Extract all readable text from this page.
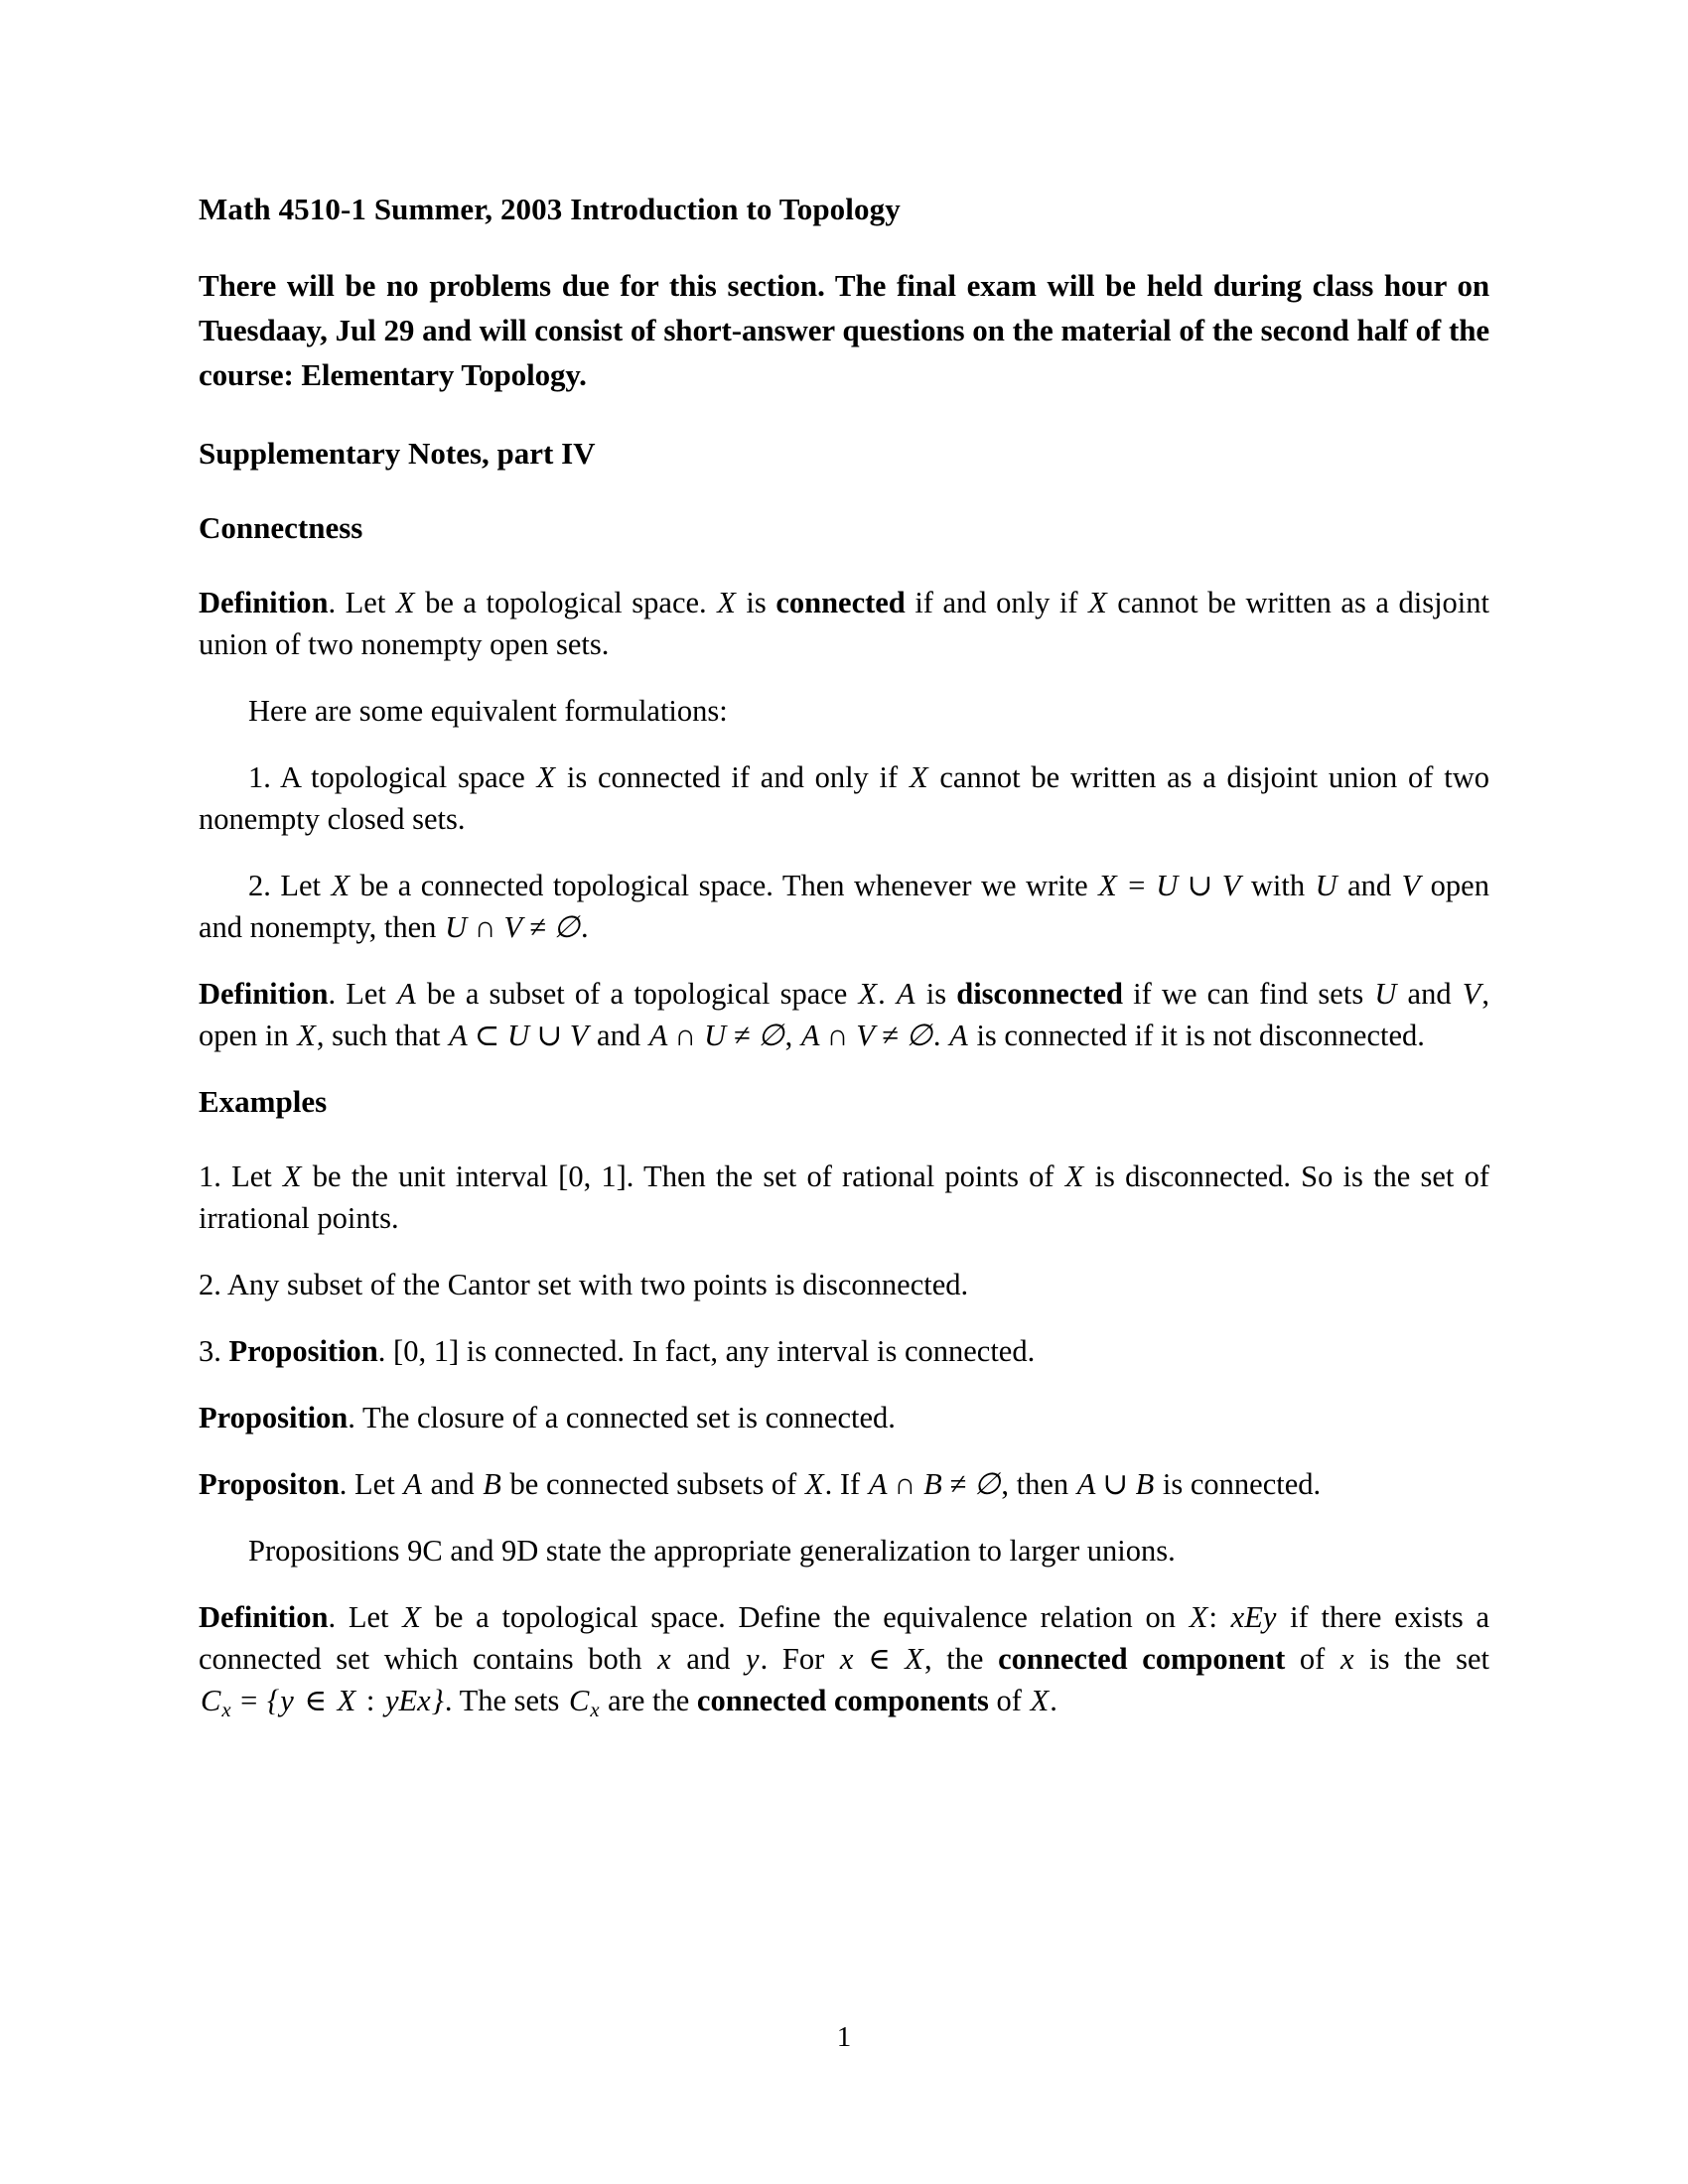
Math 4510-1 Summer, 2003 Introduction to Topology
There will be no problems due for this section. The final exam will be held during class hour on Tuesdaay, Jul 29 and will consist of short-answer questions on the material of the second half of the course: Elementary Topology.
Supplementary Notes, part IV
Connectness
Definition. Let X be a topological space. X is connected if and only if X cannot be written as a disjoint union of two nonempty open sets.
Here are some equivalent formulations:
1. A topological space X is connected if and only if X cannot be written as a disjoint union of two nonempty closed sets.
2. Let X be a connected topological space. Then whenever we write X = U ∪ V with U and V open and nonempty, then U ∩ V ≠ ∅.
Definition. Let A be a subset of a topological space X. A is disconnected if we can find sets U and V, open in X, such that A ⊂ U ∪ V and A ∩ U ≠ ∅, A ∩ V ≠ ∅. A is connected if it is not disconnected.
Examples
1. Let X be the unit interval [0, 1]. Then the set of rational points of X is disconnected. So is the set of irrational points.
2. Any subset of the Cantor set with two points is disconnected.
3. Proposition. [0, 1] is connected. In fact, any interval is connected.
Proposition. The closure of a connected set is connected.
Propositon. Let A and B be connected subsets of X. If A ∩ B ≠ ∅, then A ∪ B is connected.
Propositions 9C and 9D state the appropriate generalization to larger unions.
Definition. Let X be a topological space. Define the equivalence relation on X: xEy if there exists a connected set which contains both x and y. For x ∈ X, the connected component of x is the set $C_x = \{y$ ∈ X : yEx}. The sets $C_x$ are the connected components of X.
1
